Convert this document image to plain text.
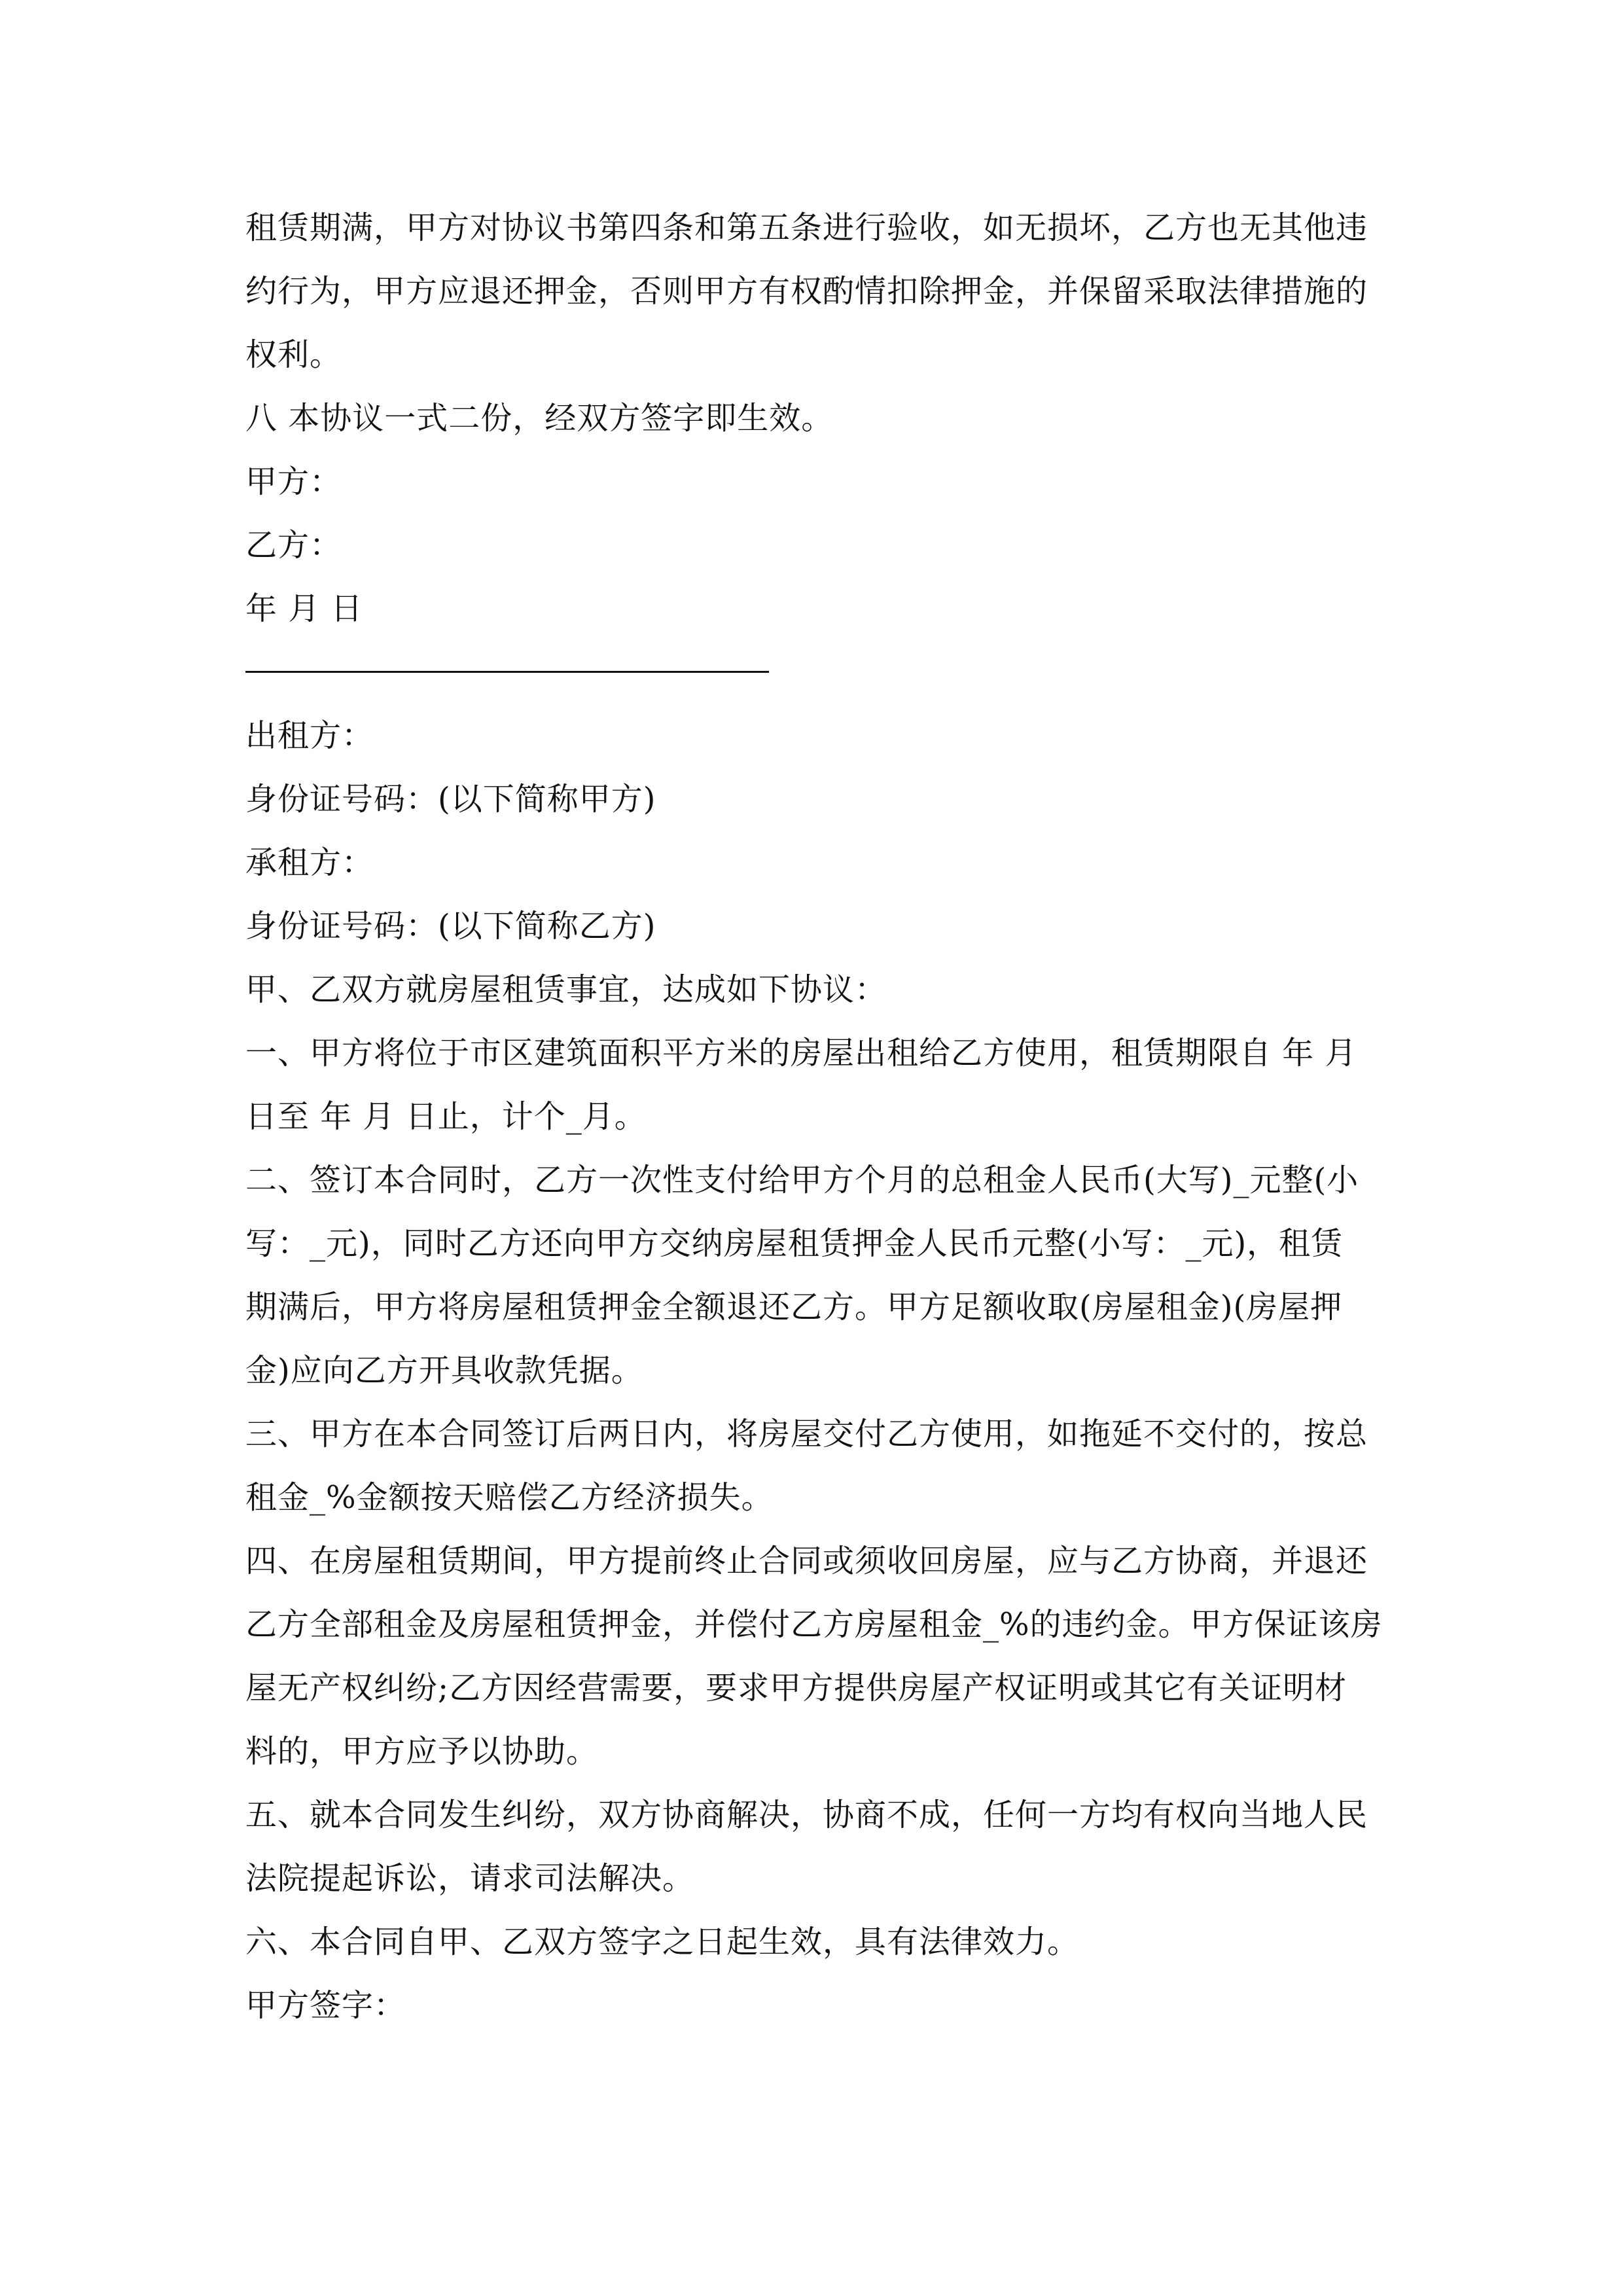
租赁期满，甲方对协议书第四条和第五条进行验收，如无损坏，乙方也无其他违
约行为，甲方应退还押金，否则甲方有权酌情扣除押金，并保留采取法律措施的
权利。
八 本协议一式二份，经双方签字即生效。
甲方：
乙方：
年 月 日
出租方：
身份证号码：(以下简称甲方)
承租方：
身份证号码：(以下简称乙方)
甲、乙双方就房屋租赁事宜，达成如下协议：
一、甲方将位于市区建筑面积平方米的房屋出租给乙方使用，租赁期限自 年 月
日至 年 月 日止，计个_月。
二、签订本合同时，乙方一次性支付给甲方个月的总租金人民币(大写)_元整(小
写：_元)，同时乙方还向甲方交纳房屋租赁押金人民币元整(小写：_元)，租赁
期满后，甲方将房屋租赁押金全额退还乙方。甲方足额收取(房屋租金)(房屋押
金)应向乙方开具收款凭据。
三、甲方在本合同签订后两日内，将房屋交付乙方使用，如拖延不交付的，按总
租金_%金额按天赔偿乙方经济损失。
四、在房屋租赁期间，甲方提前终止合同或须收回房屋，应与乙方协商，并退还
乙方全部租金及房屋租赁押金，并偿付乙方房屋租金_%的违约金。甲方保证该房
屋无产权纠纷;乙方因经营需要，要求甲方提供房屋产权证明或其它有关证明材
料的，甲方应予以协助。
五、就本合同发生纠纷，双方协商解决，协商不成，任何一方均有权向当地人民
法院提起诉讼，请求司法解决。
六、本合同自甲、乙双方签字之日起生效，具有法律效力。
甲方签字：
